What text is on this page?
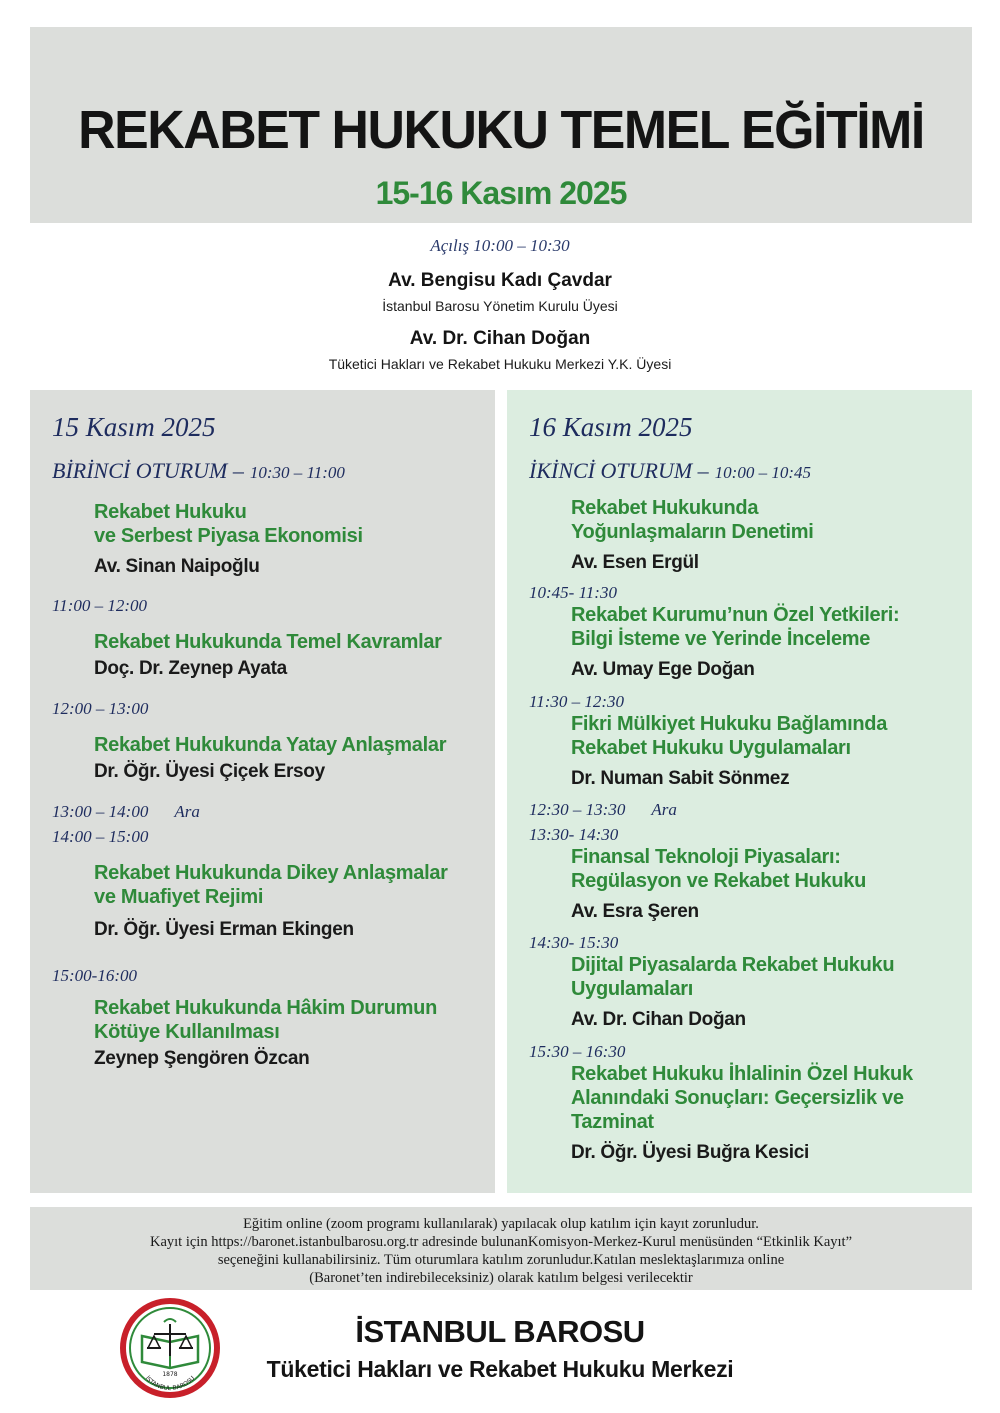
REKABET HUKUKU TEMEL EĞİTİMİ
15-16 Kasım 2025
Açılış 10:00 – 10:30
Av. Bengisu Kadı Çavdar
İstanbul Barosu Yönetim Kurulu Üyesi
Av. Dr. Cihan Doğan
Tüketici Hakları ve Rekabet Hukuku Merkezi Y.K. Üyesi
15 Kasım 2025
BİRİNCİ OTURUM – 10:30 – 11:00
Rekabet Hukuku
ve Serbest Piyasa Ekonomisi
Av. Sinan Naipoğlu
11:00 – 12:00
Rekabet Hukukunda Temel Kavramlar
Doç. Dr. Zeynep Ayata
12:00 – 13:00
Rekabet Hukukunda Yatay Anlaşmalar
Dr. Öğr. Üyesi Çiçek Ersoy
13:00 – 14:00 Ara
14:00 – 15:00
Rekabet Hukukunda Dikey Anlaşmalar
ve Muafiyet Rejimi
Dr. Öğr. Üyesi Erman Ekingen
15:00-16:00
Rekabet Hukukunda Hâkim Durumun
Kötüye Kullanılması
Zeynep Şengören Özcan
16 Kasım 2025
İKİNCİ OTURUM – 10:00 – 10:45
Rekabet Hukukunda
Yoğunlaşmaların Denetimi
Av. Esen Ergül
10:45- 11:30
Rekabet Kurumu’nun Özel Yetkileri:
Bilgi İsteme ve Yerinde İnceleme
Av. Umay Ege Doğan
11:30 – 12:30
Fikri Mülkiyet Hukuku Bağlamında
Rekabet Hukuku Uygulamaları
Dr. Numan Sabit Sönmez
12:30 – 13:30 Ara
13:30- 14:30
Finansal Teknoloji Piyasaları:
Regülasyon ve Rekabet Hukuku
Av. Esra Şeren
14:30- 15:30
Dijital Piyasalarda Rekabet Hukuku
Uygulamaları
Av. Dr. Cihan Doğan
15:30 – 16:30
Rekabet Hukuku İhlalinin Özel Hukuk
Alanındaki Sonuçları: Geçersizlik ve
Tazminat
Dr. Öğr. Üyesi Buğra Kesici
Eğitim online (zoom programı kullanılarak) yapılacak olup katılım için kayıt zorunludur.
Kayıt için https://baronet.istanbulbarosu.org.tr adresinde bulunanKomisyon-Merkez-Kurul menüsünden “Etkinlik Kayıt”
seçeneğini kullanabilirsiniz. Tüm oturumlara katılım zorunludur.Katılan meslektaşlarımıza online
(Baronet’ten indirebileceksiniz) olarak katılım belgesi verilecektir
1878
İSTANBUL BAROSU
İSTANBUL BAROSU
Tüketici Hakları ve Rekabet Hukuku Merkezi
